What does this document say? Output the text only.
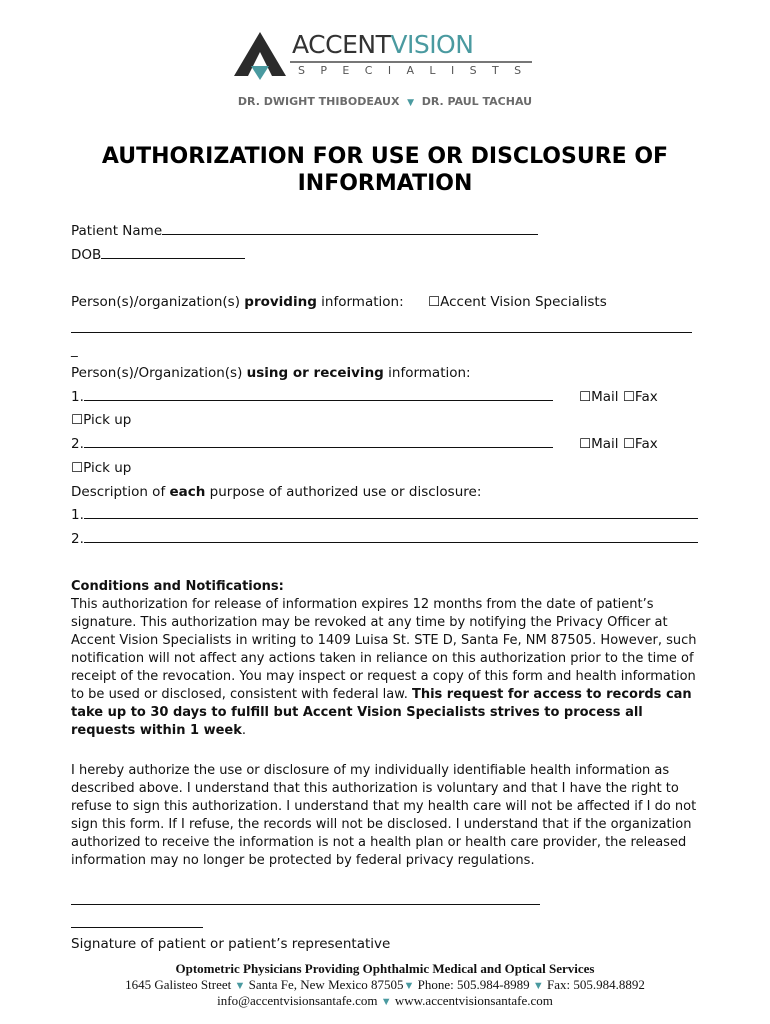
ACCENTVISION
SPECIALISTS
DR. DWIGHT THIBODEAUX ▼ DR. PAUL TACHAU
AUTHORIZATION FOR USE OR DISCLOSURE OF INFORMATION
Patient Name
DOB
Person(s)/organization(s) providing information: ☐Accent Vision Specialists
_
Person(s)/Organization(s) using or receiving information:
1.	☐Mail ☐Fax
☐Pick up
2.	☐Mail ☐Fax
☐Pick up
Description of each purpose of authorized use or disclosure:
1.
2.
Conditions and Notifications:
This authorization for release of information expires 12 months from the date of patient’s signature. This authorization may be revoked at any time by notifying the Privacy Officer at Accent Vision Specialists in writing to 1409 Luisa St. STE D, Santa Fe, NM 87505. However, such notification will not affect any actions taken in reliance on this authorization prior to the time of receipt of the revocation. You may inspect or request a copy of this form and health information to be used or disclosed, consistent with federal law. This request for access to records can take up to 30 days to fulfill but Accent Vision Specialists strives to process all requests within 1 week.
I hereby authorize the use or disclosure of my individually identifiable health information as described above. I understand that this authorization is voluntary and that I have the right to refuse to sign this authorization. I understand that my health care will not be affected if I do not sign this form. If I refuse, the records will not be disclosed. I understand that if the organization authorized to receive the information is not a health plan or health care provider, the released information may no longer be protected by federal privacy regulations.
Signature of patient or patient’s representative
Optometric Physicians Providing Ophthalmic Medical and Optical Services
1645 Galisteo Street ▼ Santa Fe, New Mexico 87505▼ Phone: 505.984-8989 ▼ Fax: 505.984.8892
info@accentvisionsantafe.com ▼ www.accentvisionsantafe.com
